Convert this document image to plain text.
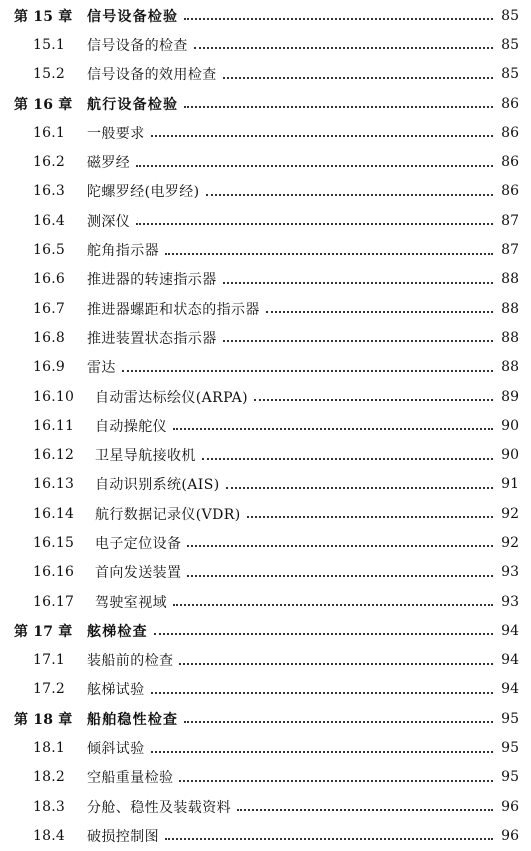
第 15 章	信号设备检验	85
15.1	信号设备的检查	85
15.2	信号设备的效用检查	85
第 16 章	航行设备检验	86
16.1	一般要求	86
16.2	磁罗经	86
16.3	陀螺罗经(电罗经)	86
16.4	测深仪	87
16.5	舵角指示器	87
16.6	推进器的转速指示器	88
16.7	推进器螺距和状态的指示器	88
16.8	推进装置状态指示器	88
16.9	雷达	88
16.10	自动雷达标绘仪(ARPA)	89
16.11	自动操舵仪	90
16.12	卫星导航接收机	90
16.13	自动识别系统(AIS)	91
16.14	航行数据记录仪(VDR)	92
16.15	电子定位设备	92
16.16	首向发送装置	93
16.17	驾驶室视域	93
第 17 章	舷梯检查	94
17.1	装船前的检查	94
17.2	舷梯试验	94
第 18 章	船舶稳性检查	95
18.1	倾斜试验	95
18.2	空船重量检验	95
18.3	分舱、稳性及装载资料	96
18.4	破损控制图	96
